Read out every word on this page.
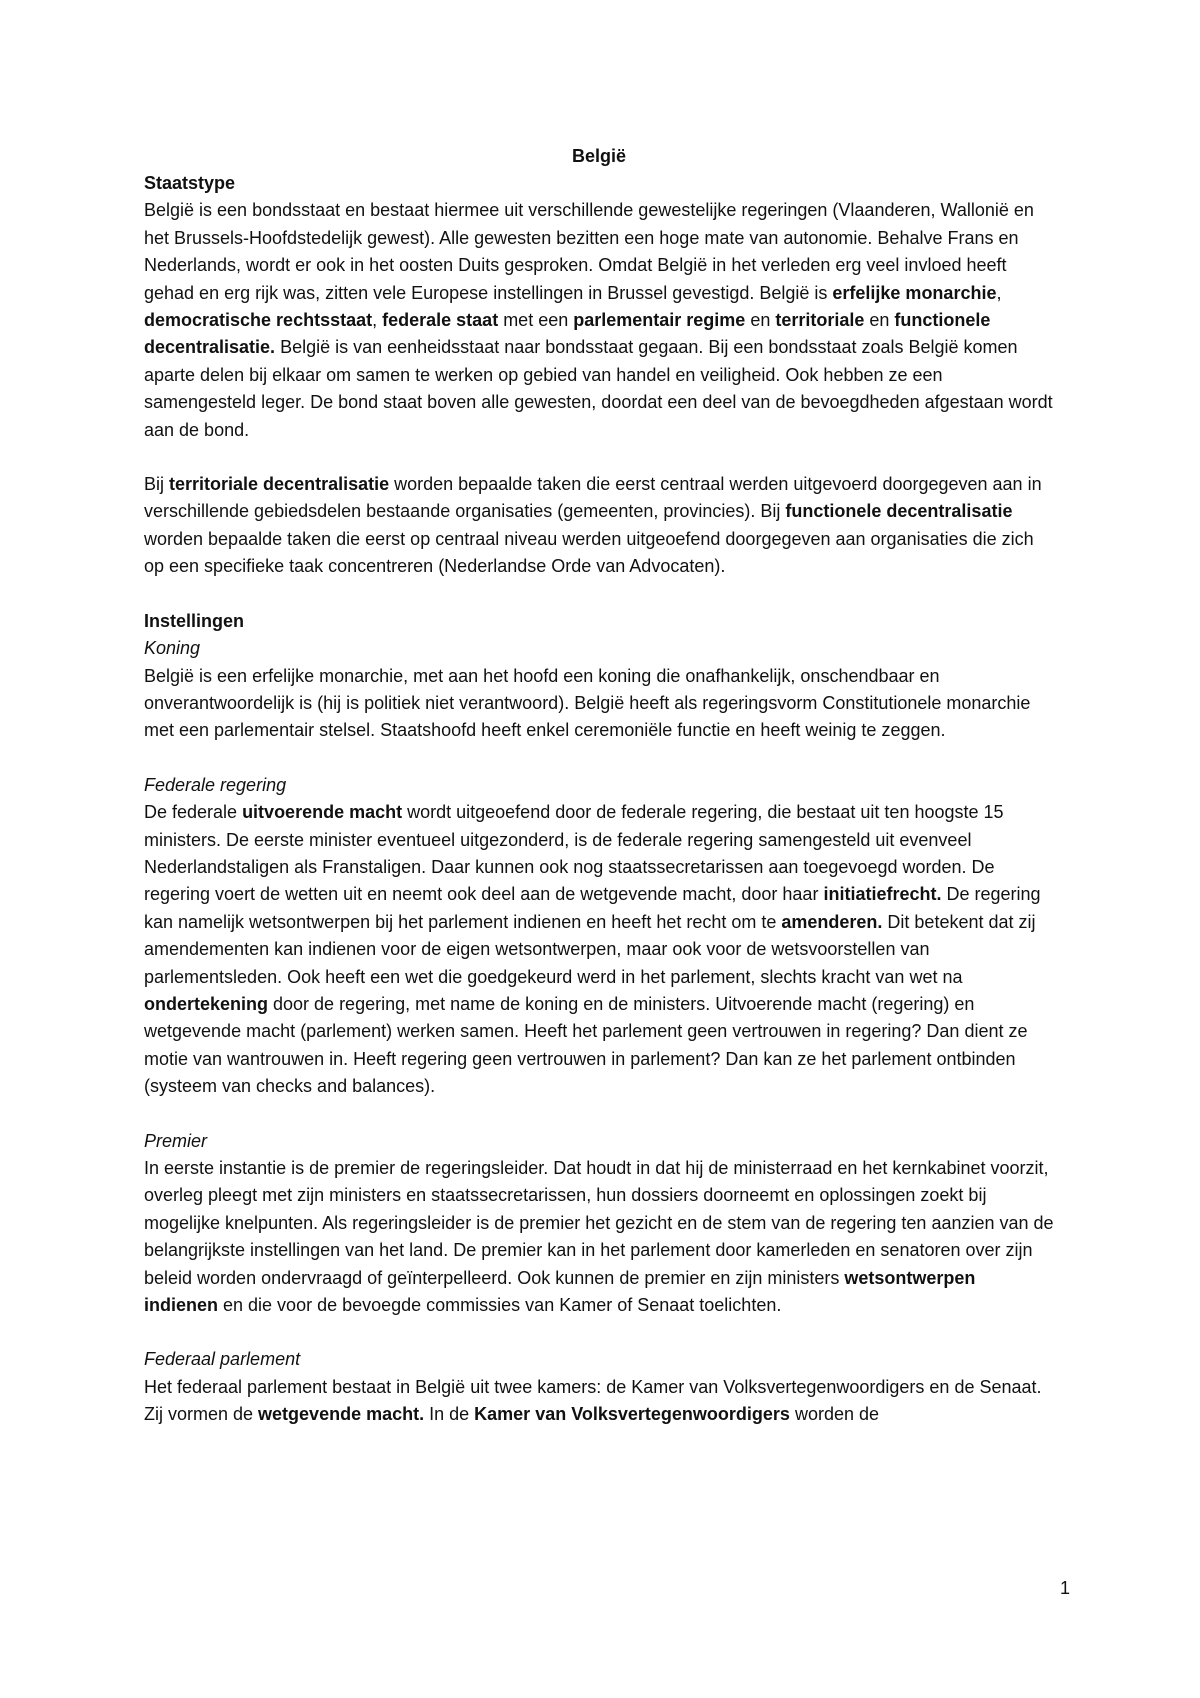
België

Staatstype

België is een bondsstaat en bestaat hiermee uit verschillende gewestelijke regeringen (Vlaanderen, Wallonië en het Brussels-Hoofdstedelijk gewest). Alle gewesten bezitten een hoge mate van autonomie. Behalve Frans en Nederlands, wordt er ook in het oosten Duits gesproken. Omdat België in het verleden erg veel invloed heeft gehad en erg rijk was, zitten vele Europese instellingen in Brussel gevestigd. België is erfelijke monarchie, democratische rechtsstaat, federale staat met een parlementair regime en territoriale en functionele decentralisatie. België is van eenheidsstaat naar bondsstaat gegaan. Bij een bondsstaat zoals België komen aparte delen bij elkaar om samen te werken op gebied van handel en veiligheid. Ook hebben ze een samengesteld leger. De bond staat boven alle gewesten, doordat een deel van de bevoegdheden afgestaan wordt aan de bond.

Bij territoriale decentralisatie worden bepaalde taken die eerst centraal werden uitgevoerd doorgegeven aan in verschillende gebiedsdelen bestaande organisaties (gemeenten, provincies). Bij functionele decentralisatie worden bepaalde taken die eerst op centraal niveau werden uitgeoefend doorgegeven aan organisaties die zich op een specifieke taak concentreren (Nederlandse Orde van Advocaten).

Instellingen

Koning

België is een erfelijke monarchie, met aan het hoofd een koning die onafhankelijk, onschendbaar en onverantwoordelijk is (hij is politiek niet verantwoord). België heeft als regeringsvorm Constitutionele monarchie met een parlementair stelsel. Staatshoofd heeft enkel ceremoniële functie en heeft weinig te zeggen.

Federale regering

De federale uitvoerende macht wordt uitgeoefend door de federale regering, die bestaat uit ten hoogste 15 ministers. De eerste minister eventueel uitgezonderd, is de federale regering samengesteld uit evenveel Nederlandstaligen als Franstaligen. Daar kunnen ook nog staatssecretarissen aan toegevoegd worden. De regering voert de wetten uit en neemt ook deel aan de wetgevende macht, door haar initiatiefrecht. De regering kan namelijk wetsontwerpen bij het parlement indienen en heeft het recht om te amenderen. Dit betekent dat zij amendementen kan indienen voor de eigen wetsontwerpen, maar ook voor de wetsvoorstellen van parlementsleden. Ook heeft een wet die goedgekeurd werd in het parlement, slechts kracht van wet na ondertekening door de regering, met name de koning en de ministers. Uitvoerende macht (regering) en wetgevende macht (parlement) werken samen. Heeft het parlement geen vertrouwen in regering? Dan dient ze motie van wantrouwen in. Heeft regering geen vertrouwen in parlement? Dan kan ze het parlement ontbinden (systeem van checks and balances).

Premier

In eerste instantie is de premier de regeringsleider. Dat houdt in dat hij de ministerraad en het kernkabinet voorzit, overleg pleegt met zijn ministers en staatssecretarissen, hun dossiers doorneemt en oplossingen zoekt bij mogelijke knelpunten. Als regeringsleider is de premier het gezicht en de stem van de regering ten aanzien van de belangrijkste instellingen van het land. De premier kan in het parlement door kamerleden en senatoren over zijn beleid worden ondervraagd of geïnterpelleerd. Ook kunnen de premier en zijn ministers wetsontwerpen indienen en die voor de bevoegde commissies van Kamer of Senaat toelichten.

Federaal parlement

Het federaal parlement bestaat in België uit twee kamers: de Kamer van Volksvertegenwoordigers en de Senaat. Zij vormen de wetgevende macht. In de Kamer van Volksvertegenwoordigers worden de

1
